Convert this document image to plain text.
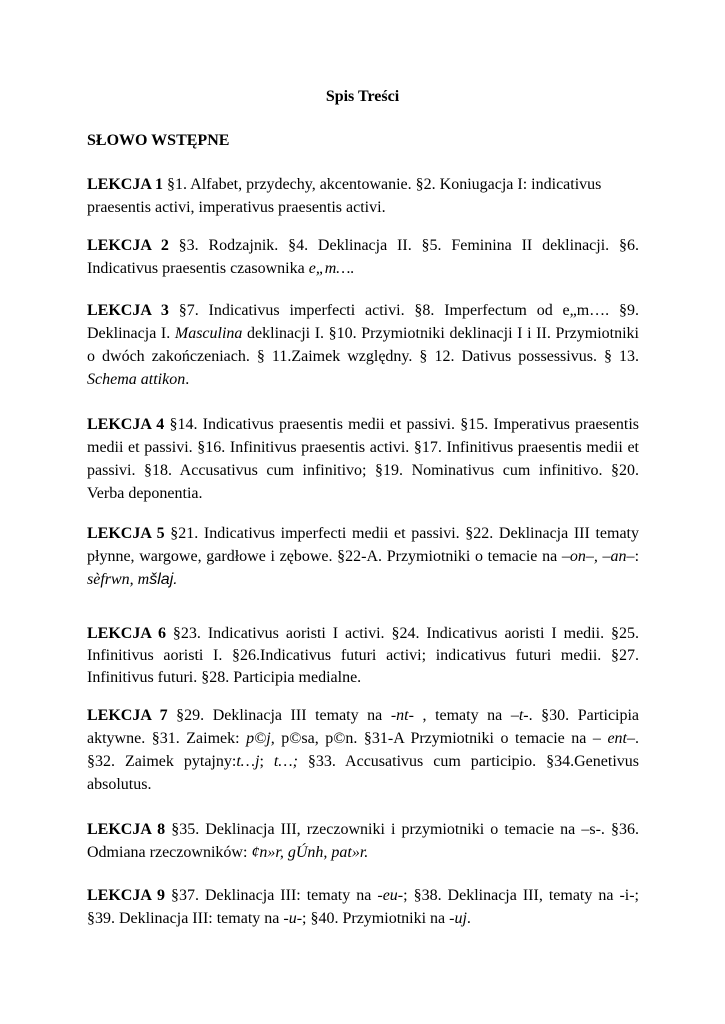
Spis Treści
SŁOWO WSTĘPNE
LEKCJA 1 §1. Alfabet, przydechy, akcentowanie. §2. Koniugacja I: indicativus praesentis activi, imperativus praesentis activi.
LEKCJA 2 §3. Rodzajnik. §4. Deklinacja II. §5. Feminina II deklinacji. §6. Indicativus praesentis czasownika e„m….
LEKCJA 3 §7. Indicativus imperfecti activi. §8. Imperfectum od e„m…. §9. Deklinacja I. Masculina deklinacji I. §10. Przymiotniki deklinacji I i II. Przymiotniki o dwóch zakończeniach. § 11.Zaimek względny. § 12. Dativus possessivus. § 13. Schema attikon.
LEKCJA 4 §14. Indicativus praesentis medii et passivi. §15. Imperativus praesentis medii et passivi. §16. Infinitivus praesentis activi. §17. Infinitivus praesentis medii et passivi. §18. Accusativus cum infinitivo; §19. Nominativus cum infinitivo. §20. Verba deponentia.
LEKCJA 5 §21. Indicativus imperfecti medii et passivi. §22. Deklinacja III tematy płynne, wargowe, gardłowe i zębowe. §22-A. Przymiotniki o temacie na –on–, –an–: sèfrwn, mšlaj.
LEKCJA 6 §23. Indicativus aoristi I activi. §24. Indicativus aoristi I medii. §25. Infinitivus aoristi I. §26.Indicativus futuri activi; indicativus futuri medii. §27. Infinitivus futuri. §28. Participia medialne.
LEKCJA 7 §29. Deklinacja III tematy na -nt- , tematy na –t-. §30. Participia aktywne. §31. Zaimek: p©j, p©sa, p©n. §31-A Przymiotniki o temacie na – ent–. §32. Zaimek pytajny:t…j; t…; §33. Accusativus cum participio. §34.Genetivus absolutus.
LEKCJA 8 §35. Deklinacja III, rzeczowniki i przymiotniki o temacie na –s-. §36. Odmiana rzeczowników: ¢n»r, gÚnh, pat»r.
LEKCJA 9 §37. Deklinacja III: tematy na -eu-; §38. Deklinacja III, tematy na -i-; §39. Deklinacja III: tematy na -u-; §40. Przymiotniki na -uj.
